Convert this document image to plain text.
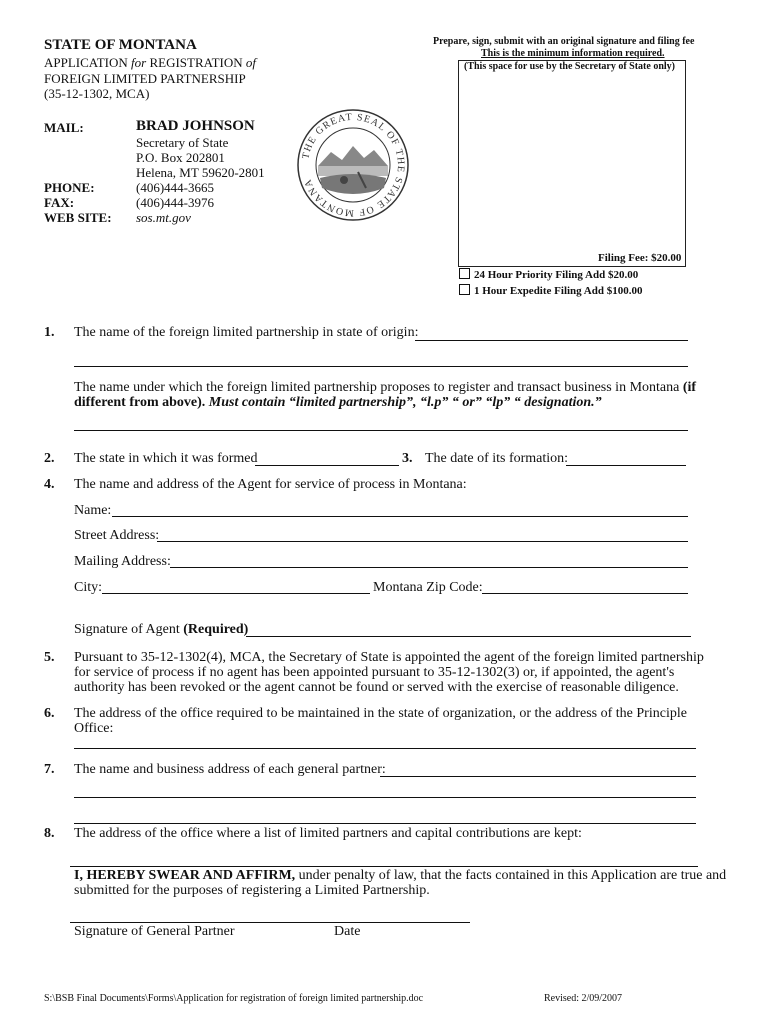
STATE OF MONTANA
APPLICATION for REGISTRATION of
FOREIGN LIMITED PARTNERSHIP
(35-12-1302, MCA)
MAIL:	BRAD JOHNSON
Secretary of State
P.O. Box 202801
Helena, MT 59620-2801
PHONE:	(406)444-3665
FAX:	(406)444-3976
WEB SITE: sos.mt.gov
THE GREAT SEAL OF THE STATE OF MONTANA
Prepare, sign, submit with an original signature and filing fee
This is the minimum information required.
(This space for use by the Secretary of State only)
Filing Fee: $20.00
24 Hour Priority Filing Add $20.00
1 Hour Expedite Filing Add $100.00
1. The name of the foreign limited partnership in state of origin:
The name under which the foreign limited partnership proposes to register and transact business in Montana (if
different from above). Must contain “limited partnership”, “l.p” “ or” “lp” “ designation.”
2. The state in which it was formed	3. The date of its formation:
4. The name and address of the Agent for service of process in Montana:
Name:
Street Address:
Mailing Address:
City:	Montana Zip Code:
Signature of Agent (Required)
5. Pursuant to 35-12-1302(4), MCA, the Secretary of State is appointed the agent of the foreign limited partnership
for service of process if no agent has been appointed pursuant to 35-12-1302(3) or, if appointed, the agent's
authority has been revoked or the agent cannot be found or served with the exercise of reasonable diligence.
6. The address of the office required to be maintained in the state of organization, or the address of the Principle
Office:
7. The name and business address of each general partner:
8. The address of the office where a list of limited partners and capital contributions are kept:
I, HEREBY SWEAR AND AFFIRM, under penalty of law, that the facts contained in this Application are true and
submitted for the purposes of registering a Limited Partnership.
Signature of General Partner	Date
S:\BSB Final Documents\Forms\Application for registration of foreign limited partnership.doc	Revised: 2/09/2007
